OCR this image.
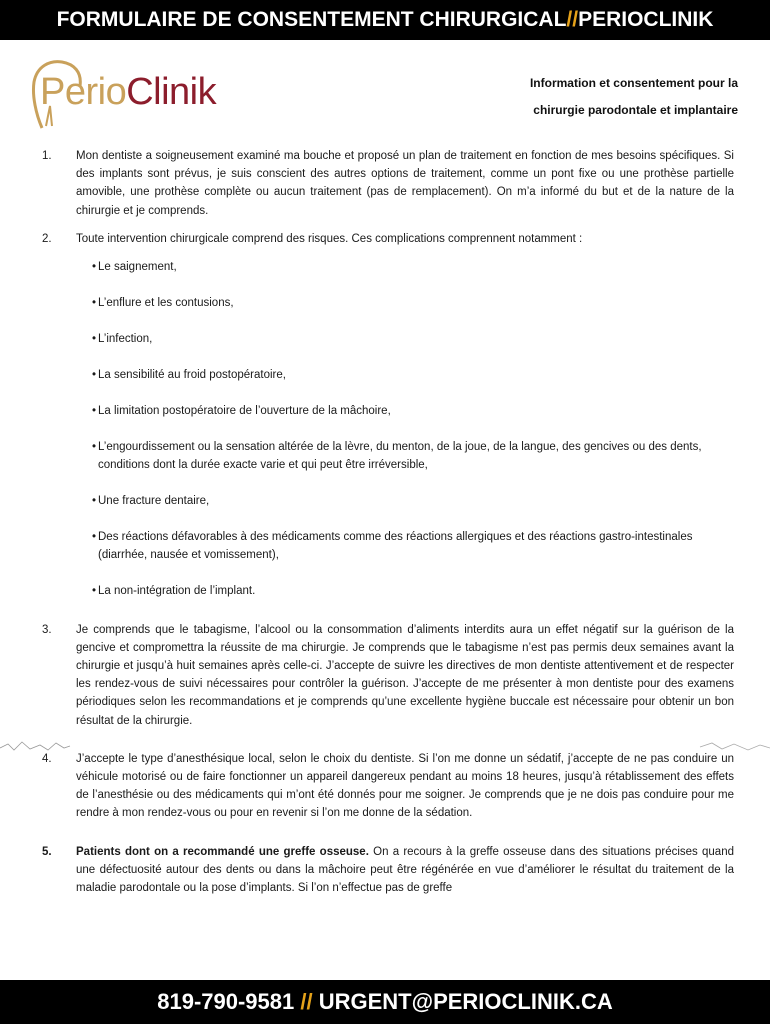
FORMULAIRE DE CONSENTEMENT CHIRURGICAL//PERIOCLINIK
PerioClinik	Information et consentement pour la
chirurgie parodontale et implantaire
1.	Mon dentiste a soigneusement examiné ma bouche et proposé un plan de traitement en fonction de mes besoins spécifiques. Si des implants sont prévus, je suis conscient des autres options de traitement, comme un pont fixe ou une prothèse partielle amovible, une prothèse complète ou aucun traitement (pas de remplacement). On m’a informé du but et de la nature de la chirurgie et je comprends.
2.	Toute intervention chirurgicale comprend des risques. Ces complications comprennent notamment :
• Le saignement,
• L’enflure et les contusions,
• L’infection,
• La sensibilité au froid postopératoire,
• La limitation postopératoire de l’ouverture de la mâchoire,
• L’engourdissement ou la sensation altérée de la lèvre, du menton, de la joue, de la langue, des gencives ou des dents,
conditions dont la durée exacte varie et qui peut être irréversible,
• Une fracture dentaire,
• Des réactions défavorables à des médicaments comme des réactions allergiques et des réactions gastro-intestinales
(diarrhée, nausée et vomissement),
• La non-intégration de l’implant.
3.	Je comprends que le tabagisme, l’alcool ou la consommation d’aliments interdits aura un effet négatif sur la guérison de la gencive et compromettra la réussite de ma chirurgie. Je comprends que le tabagisme n’est pas permis deux semaines avant la chirurgie et jusqu’à huit semaines après celle-ci. J’accepte de suivre les directives de mon dentiste attentivement et de respecter les rendez-vous de suivi nécessaires pour contrôler la guérison. J’accepte de me présenter à mon dentiste pour des examens périodiques selon les recommandations et je comprends qu’une excellente hygiène buccale est nécessaire pour obtenir un bon résultat de la chirurgie.
4.	J’accepte le type d’anesthésique local, selon le choix du dentiste. Si l’on me donne un sédatif, j’accepte de ne pas conduire un véhicule motorisé ou de faire fonctionner un appareil dangereux pendant au moins 18 heures, jusqu’à rétablissement des effets de l’anesthésie ou des médicaments qui m’ont été donnés pour me soigner. Je comprends que je ne dois pas conduire pour me rendre à mon rendez-vous ou pour en revenir si l’on me donne de la sédation.
5.	Patients dont on a recommandé une greffe osseuse. On a recours à la greffe osseuse dans des situations précises quand une défectuosité autour des dents ou dans la mâchoire peut être régénérée en vue d’améliorer le résultat du traitement de la maladie parodontale ou la pose d’implants. Si l’on n’effectue pas de greffe
819-790-9581 // URGENT@PERIOCLINIK.CA
